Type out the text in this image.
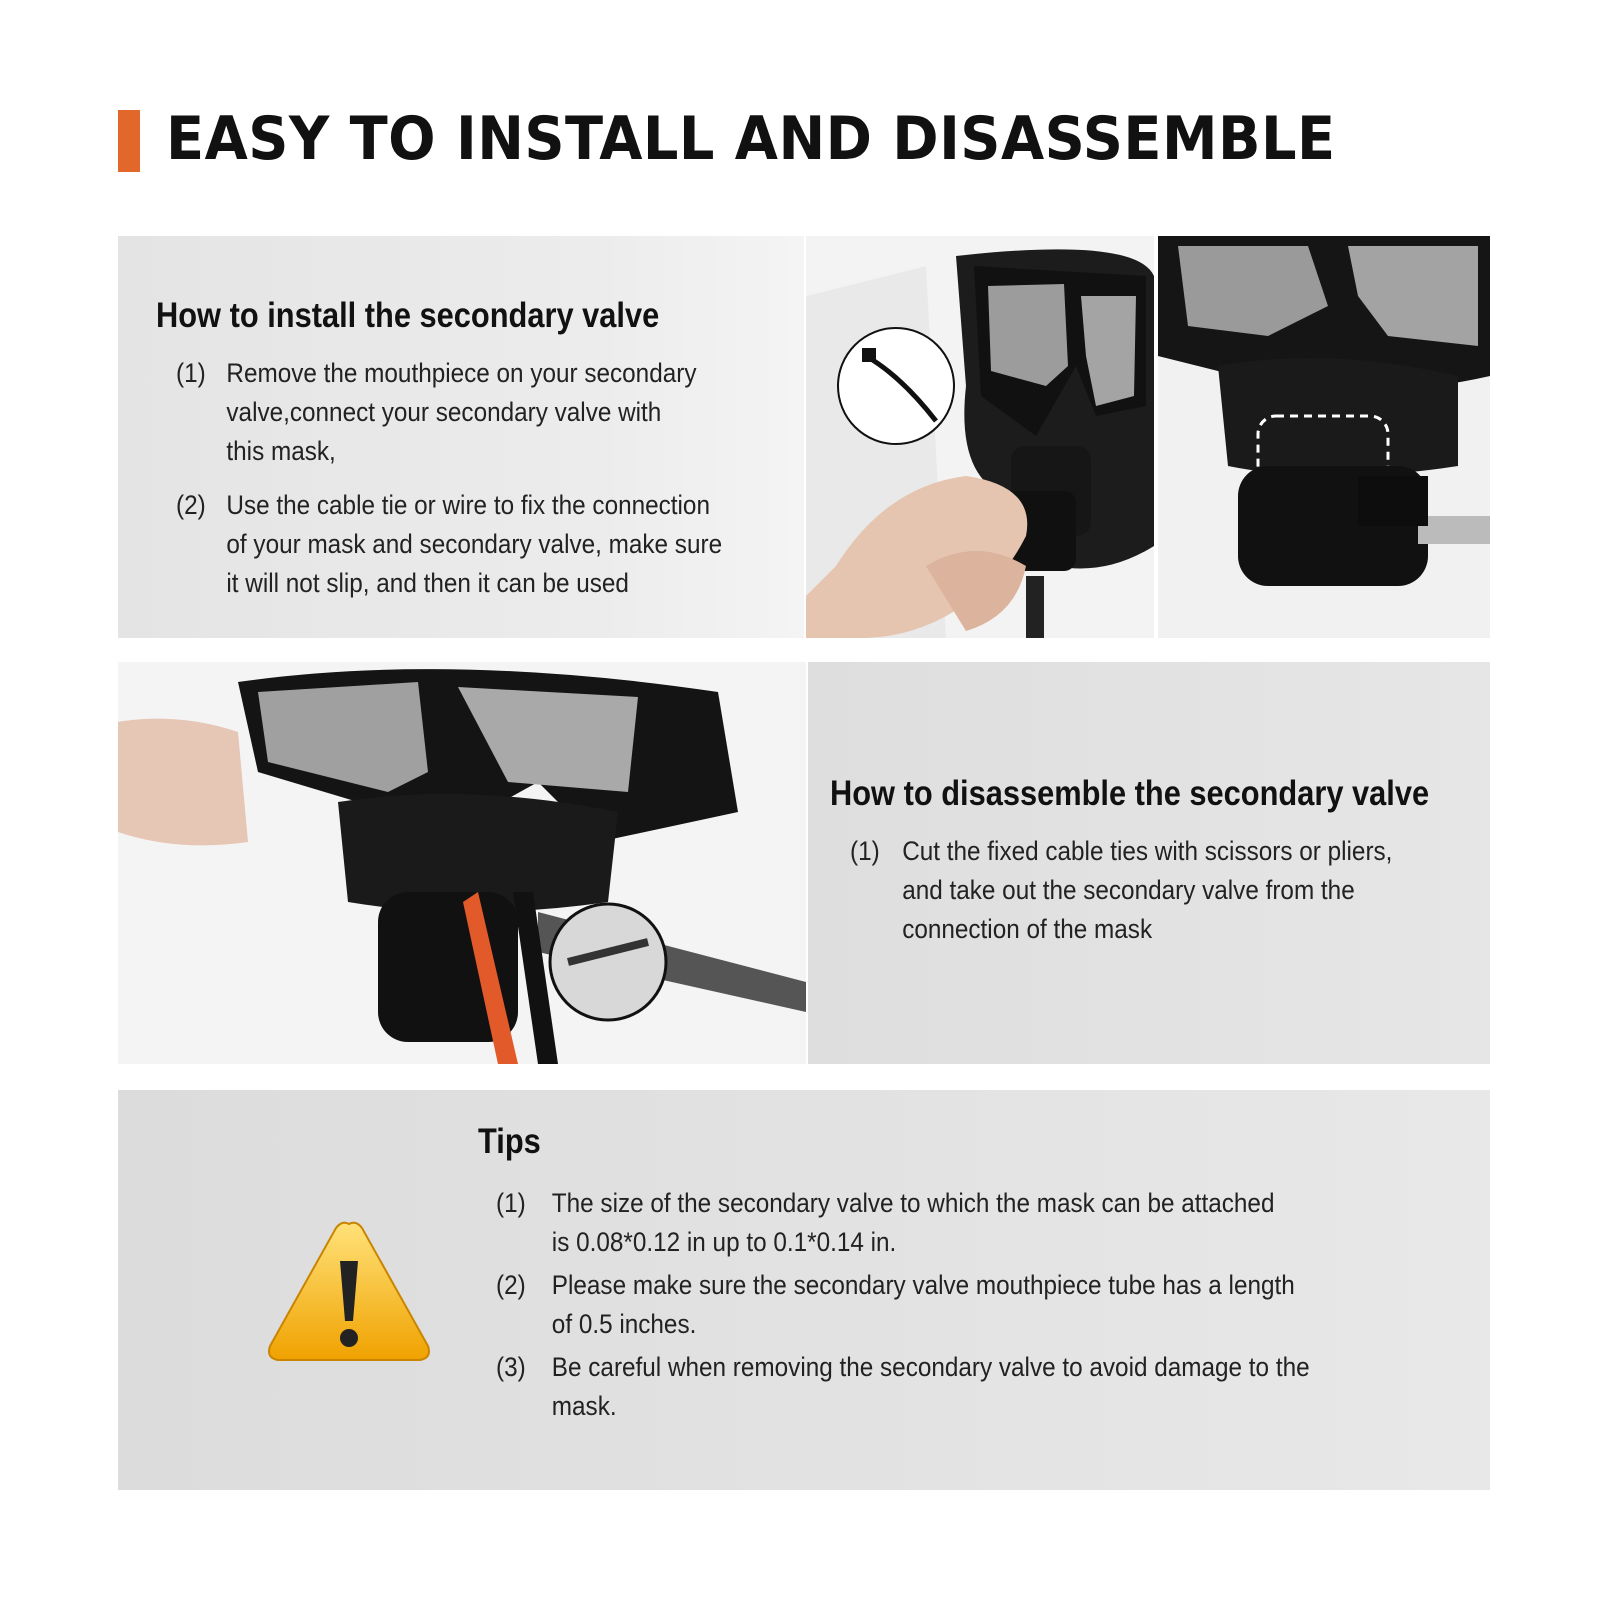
EASY TO INSTALL AND DISASSEMBLE
How to install the secondary valve
(1) Remove the mouthpiece on your secondary
valve,connect your secondary valve with
this mask,
(2) Use the cable tie or wire to fix the connection
of your mask and secondary valve, make sure
it will not slip, and then it can be used
How to disassemble the secondary valve
(1) Cut the fixed cable ties with scissors or pliers,
and take out the secondary valve from the
connection of the mask
Tips
(1) The size of the secondary valve to which the mask can be attached
is 0.08*0.12 in up to 0.1*0.14 in.
(2) Please make sure the secondary valve mouthpiece tube has a length
of 0.5 inches.
(3) Be careful when removing the secondary valve to avoid damage to the
mask.
